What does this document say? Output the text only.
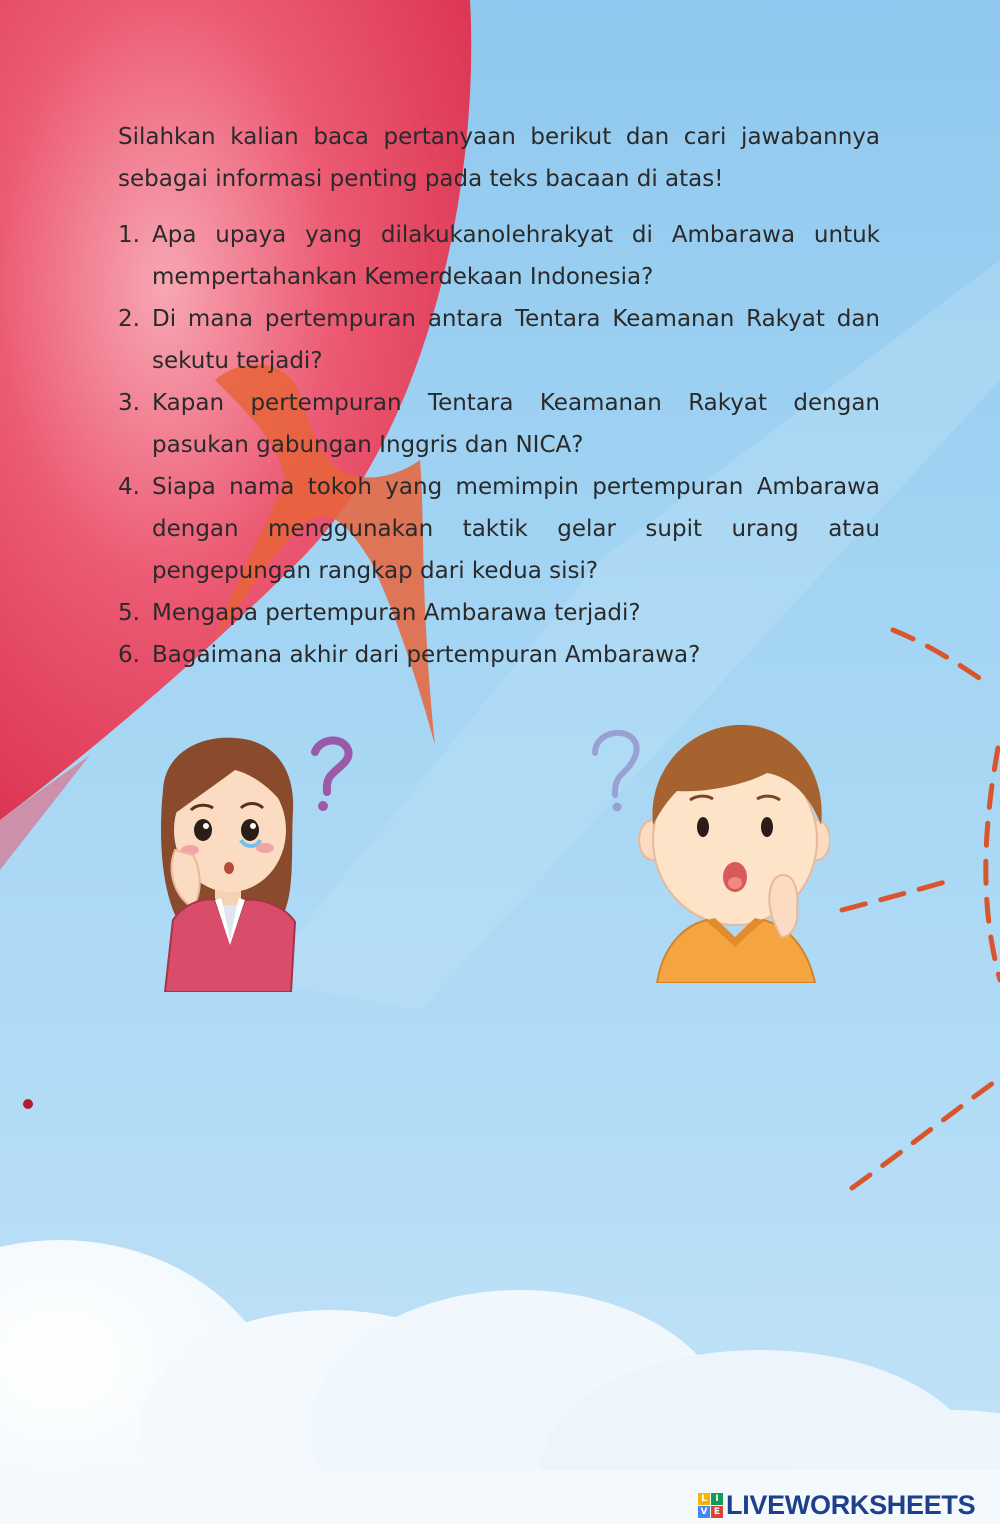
Silahkan kalian baca pertanyaan berikut dan cari jawabannya sebagai informasi penting pada teks bacaan di atas!

1. Apa upaya yang dilakukanolehrakyat di Ambarawa untuk mempertahankan Kemerdekaan Indonesia?
2. Di mana pertempuran antara Tentara Keamanan Rakyat dan sekutu terjadi?
3. Kapan pertempuran Tentara Keamanan Rakyat dengan pasukan gabungan Inggris dan NICA?
4. Siapa nama tokoh yang memimpin pertempuran Ambarawa dengan menggunakan taktik gelar supit urang atau pengepungan rangkap dari kedua sisi?
5. Mengapa pertempuran Ambarawa terjadi?
6. Bagaimana akhir dari pertempuran Ambarawa?
L I
V E LIVEWORKSHEETS
